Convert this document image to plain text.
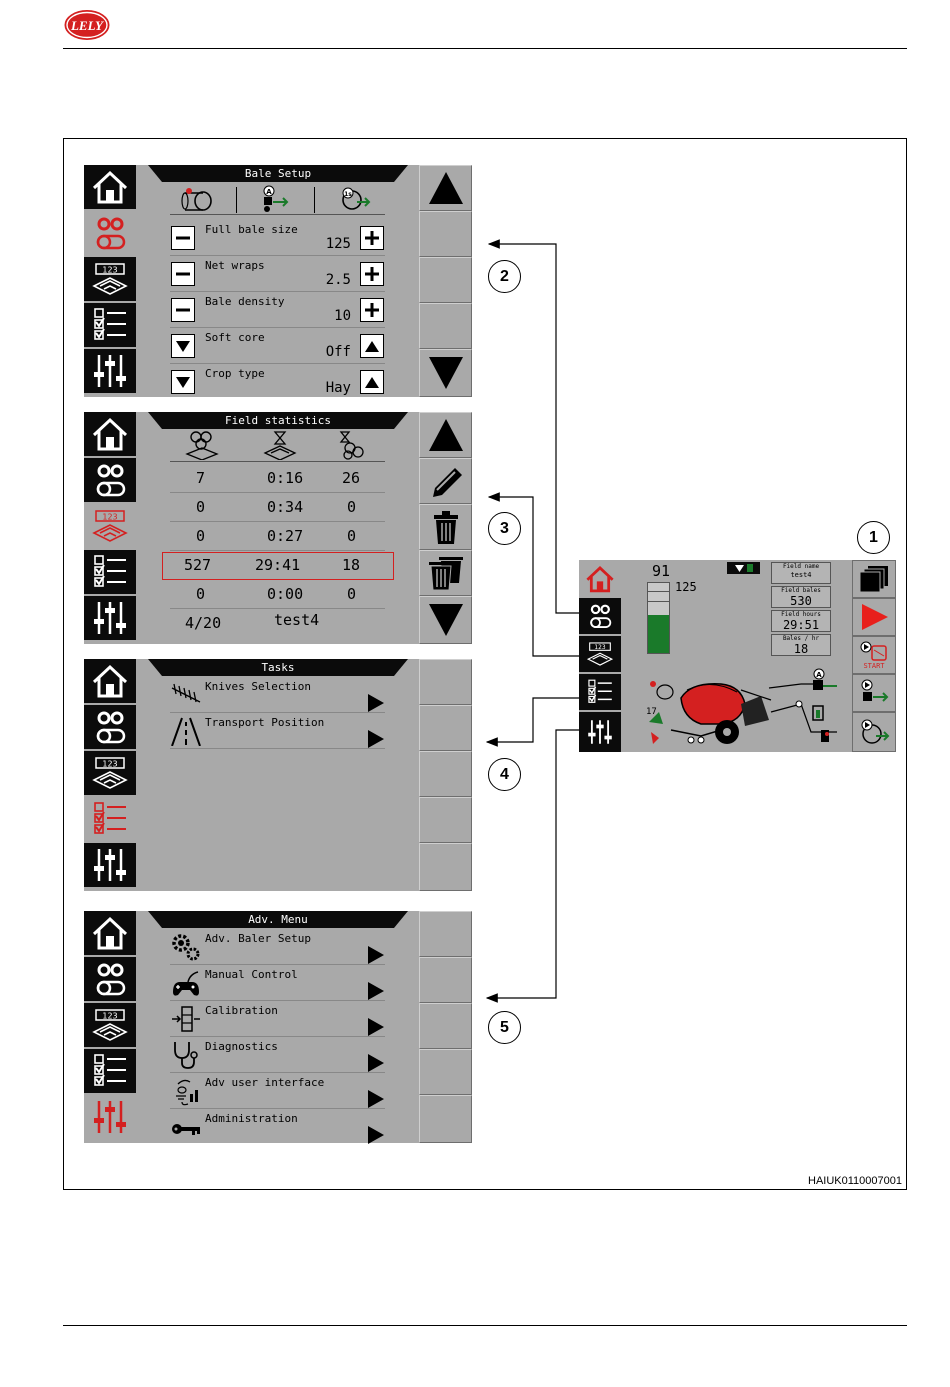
LELY
HAIUK0110007001
123
Bale Setup
A	1s
Full bale size
125
Net wraps
2.5
Bale density
10
Soft core
Off
Crop type
Hay
123
Field statistics
7	0:16	26
0	0:34	0
0	0:27	0
527	29:41	18
0	0:00	0
4/20	test4
123
Tasks
Knives Selection
Transport Position
123
Adv. Menu
Adv. Baler Setup
Manual Control
Calibration
Diagnostics
Adv user interface
Administration
1
2
3
4
5
123
91
125
Field name
test4
Field bales
530
Field hours
29:51
Bales / hr
18
17
A
START
